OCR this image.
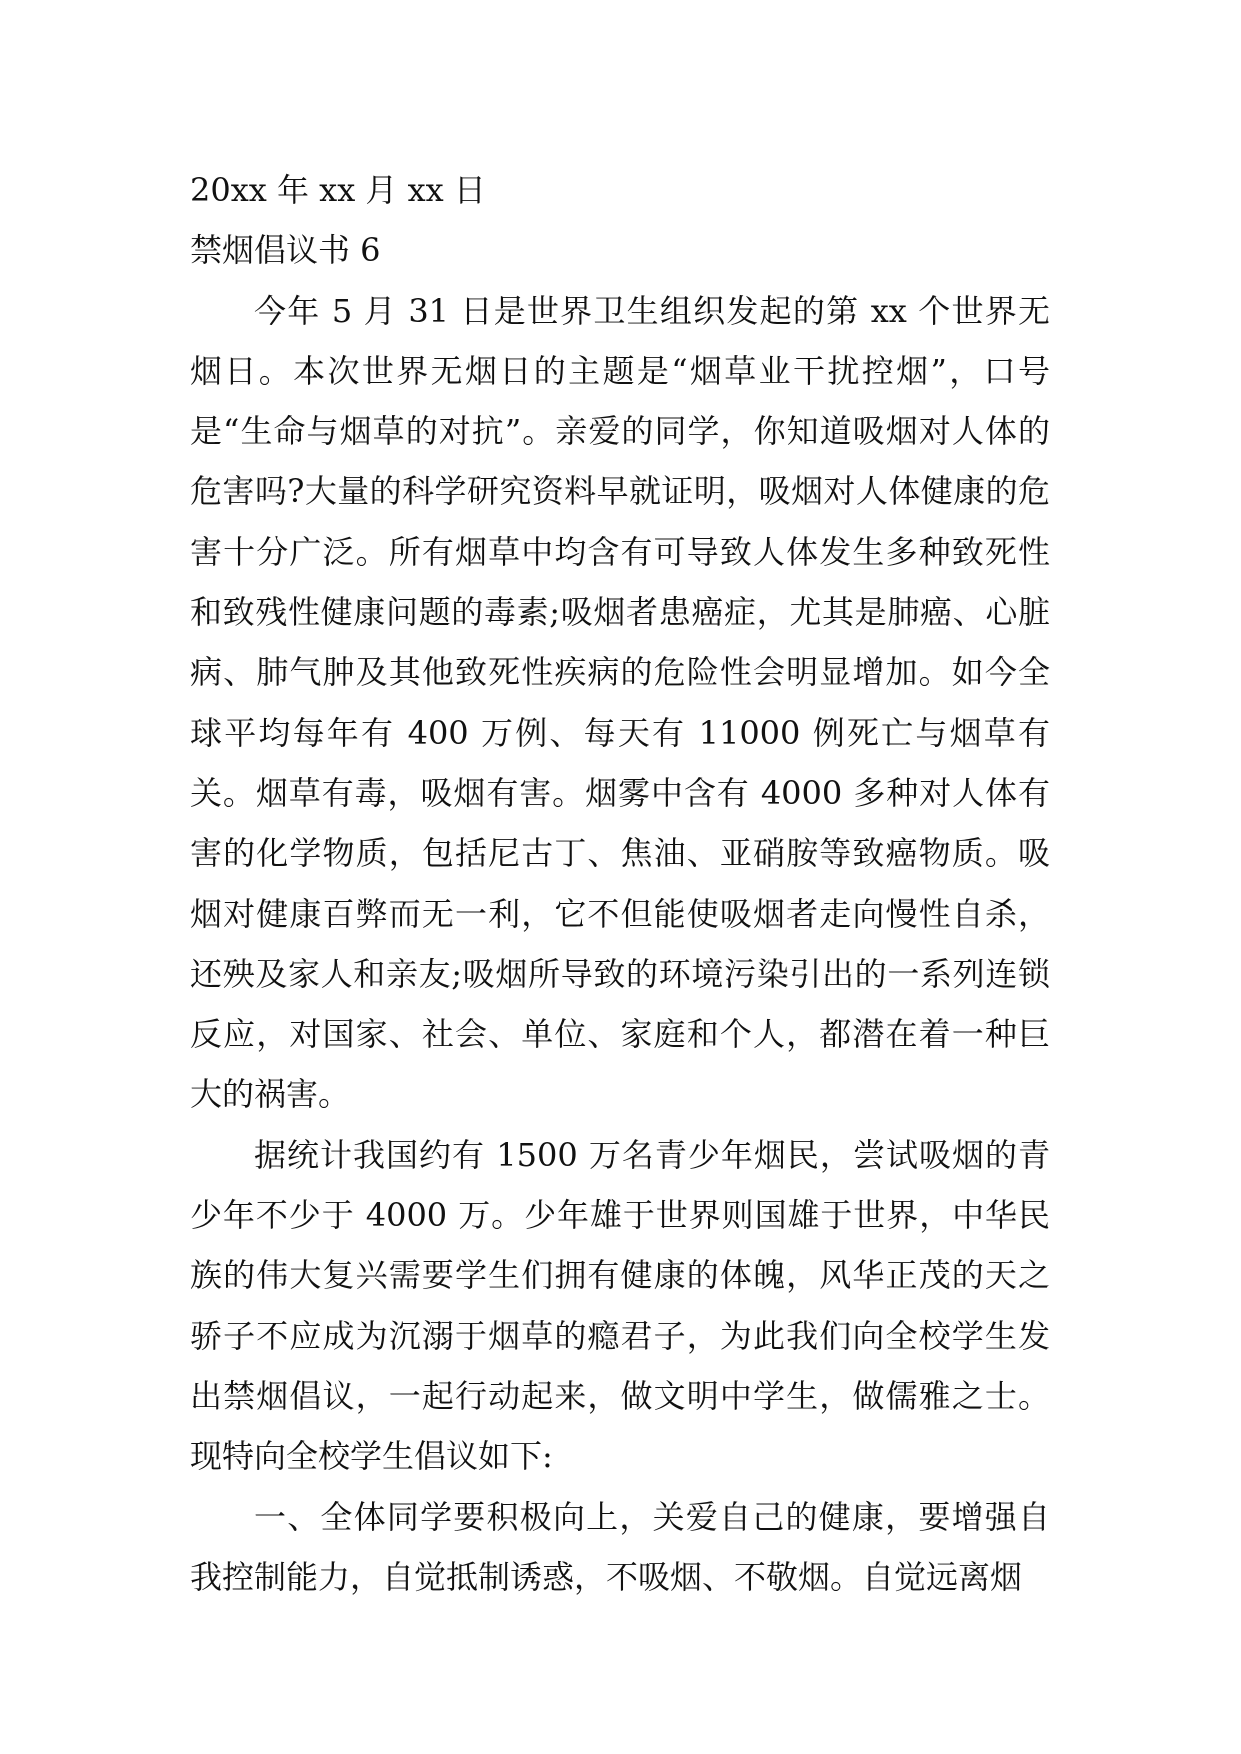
20xx 年 xx 月 xx 日
禁烟倡议书 6

今年 5 月 31 日是世界卫生组织发起的第 xx 个世界无烟日。本次世界无烟日的主题是“烟草业干扰控烟”，口号是“生命与烟草的对抗”。亲爱的同学，你知道吸烟对人体的危害吗?大量的科学研究资料早就证明，吸烟对人体健康的危害十分广泛。所有烟草中均含有可导致人体发生多种致死性和致残性健康问题的毒素;吸烟者患癌症，尤其是肺癌、心脏病、肺气肿及其他致死性疾病的危险性会明显增加。如今全球平均每年有 400 万例、每天有 11000 例死亡与烟草有关。烟草有毒，吸烟有害。烟雾中含有 4000 多种对人体有害的化学物质，包括尼古丁、焦油、亚硝胺等致癌物质。吸烟对健康百弊而无一利，它不但能使吸烟者走向慢性自杀，还殃及家人和亲友;吸烟所导致的环境污染引出的一系列连锁反应，对国家、社会、单位、家庭和个人，都潜在着一种巨大的祸害。

据统计我国约有 1500 万名青少年烟民，尝试吸烟的青少年不少于 4000 万。少年雄于世界则国雄于世界，中华民族的伟大复兴需要学生们拥有健康的体魄，风华正茂的天之骄子不应成为沉溺于烟草的瘾君子，为此我们向全校学生发出禁烟倡议，一起行动起来，做文明中学生，做儒雅之士。现特向全校学生倡议如下:

一、全体同学要积极向上，关爱自己的健康，要增强自我控制能力，自觉抵制诱惑，不吸烟、不敬烟。自觉远离烟
